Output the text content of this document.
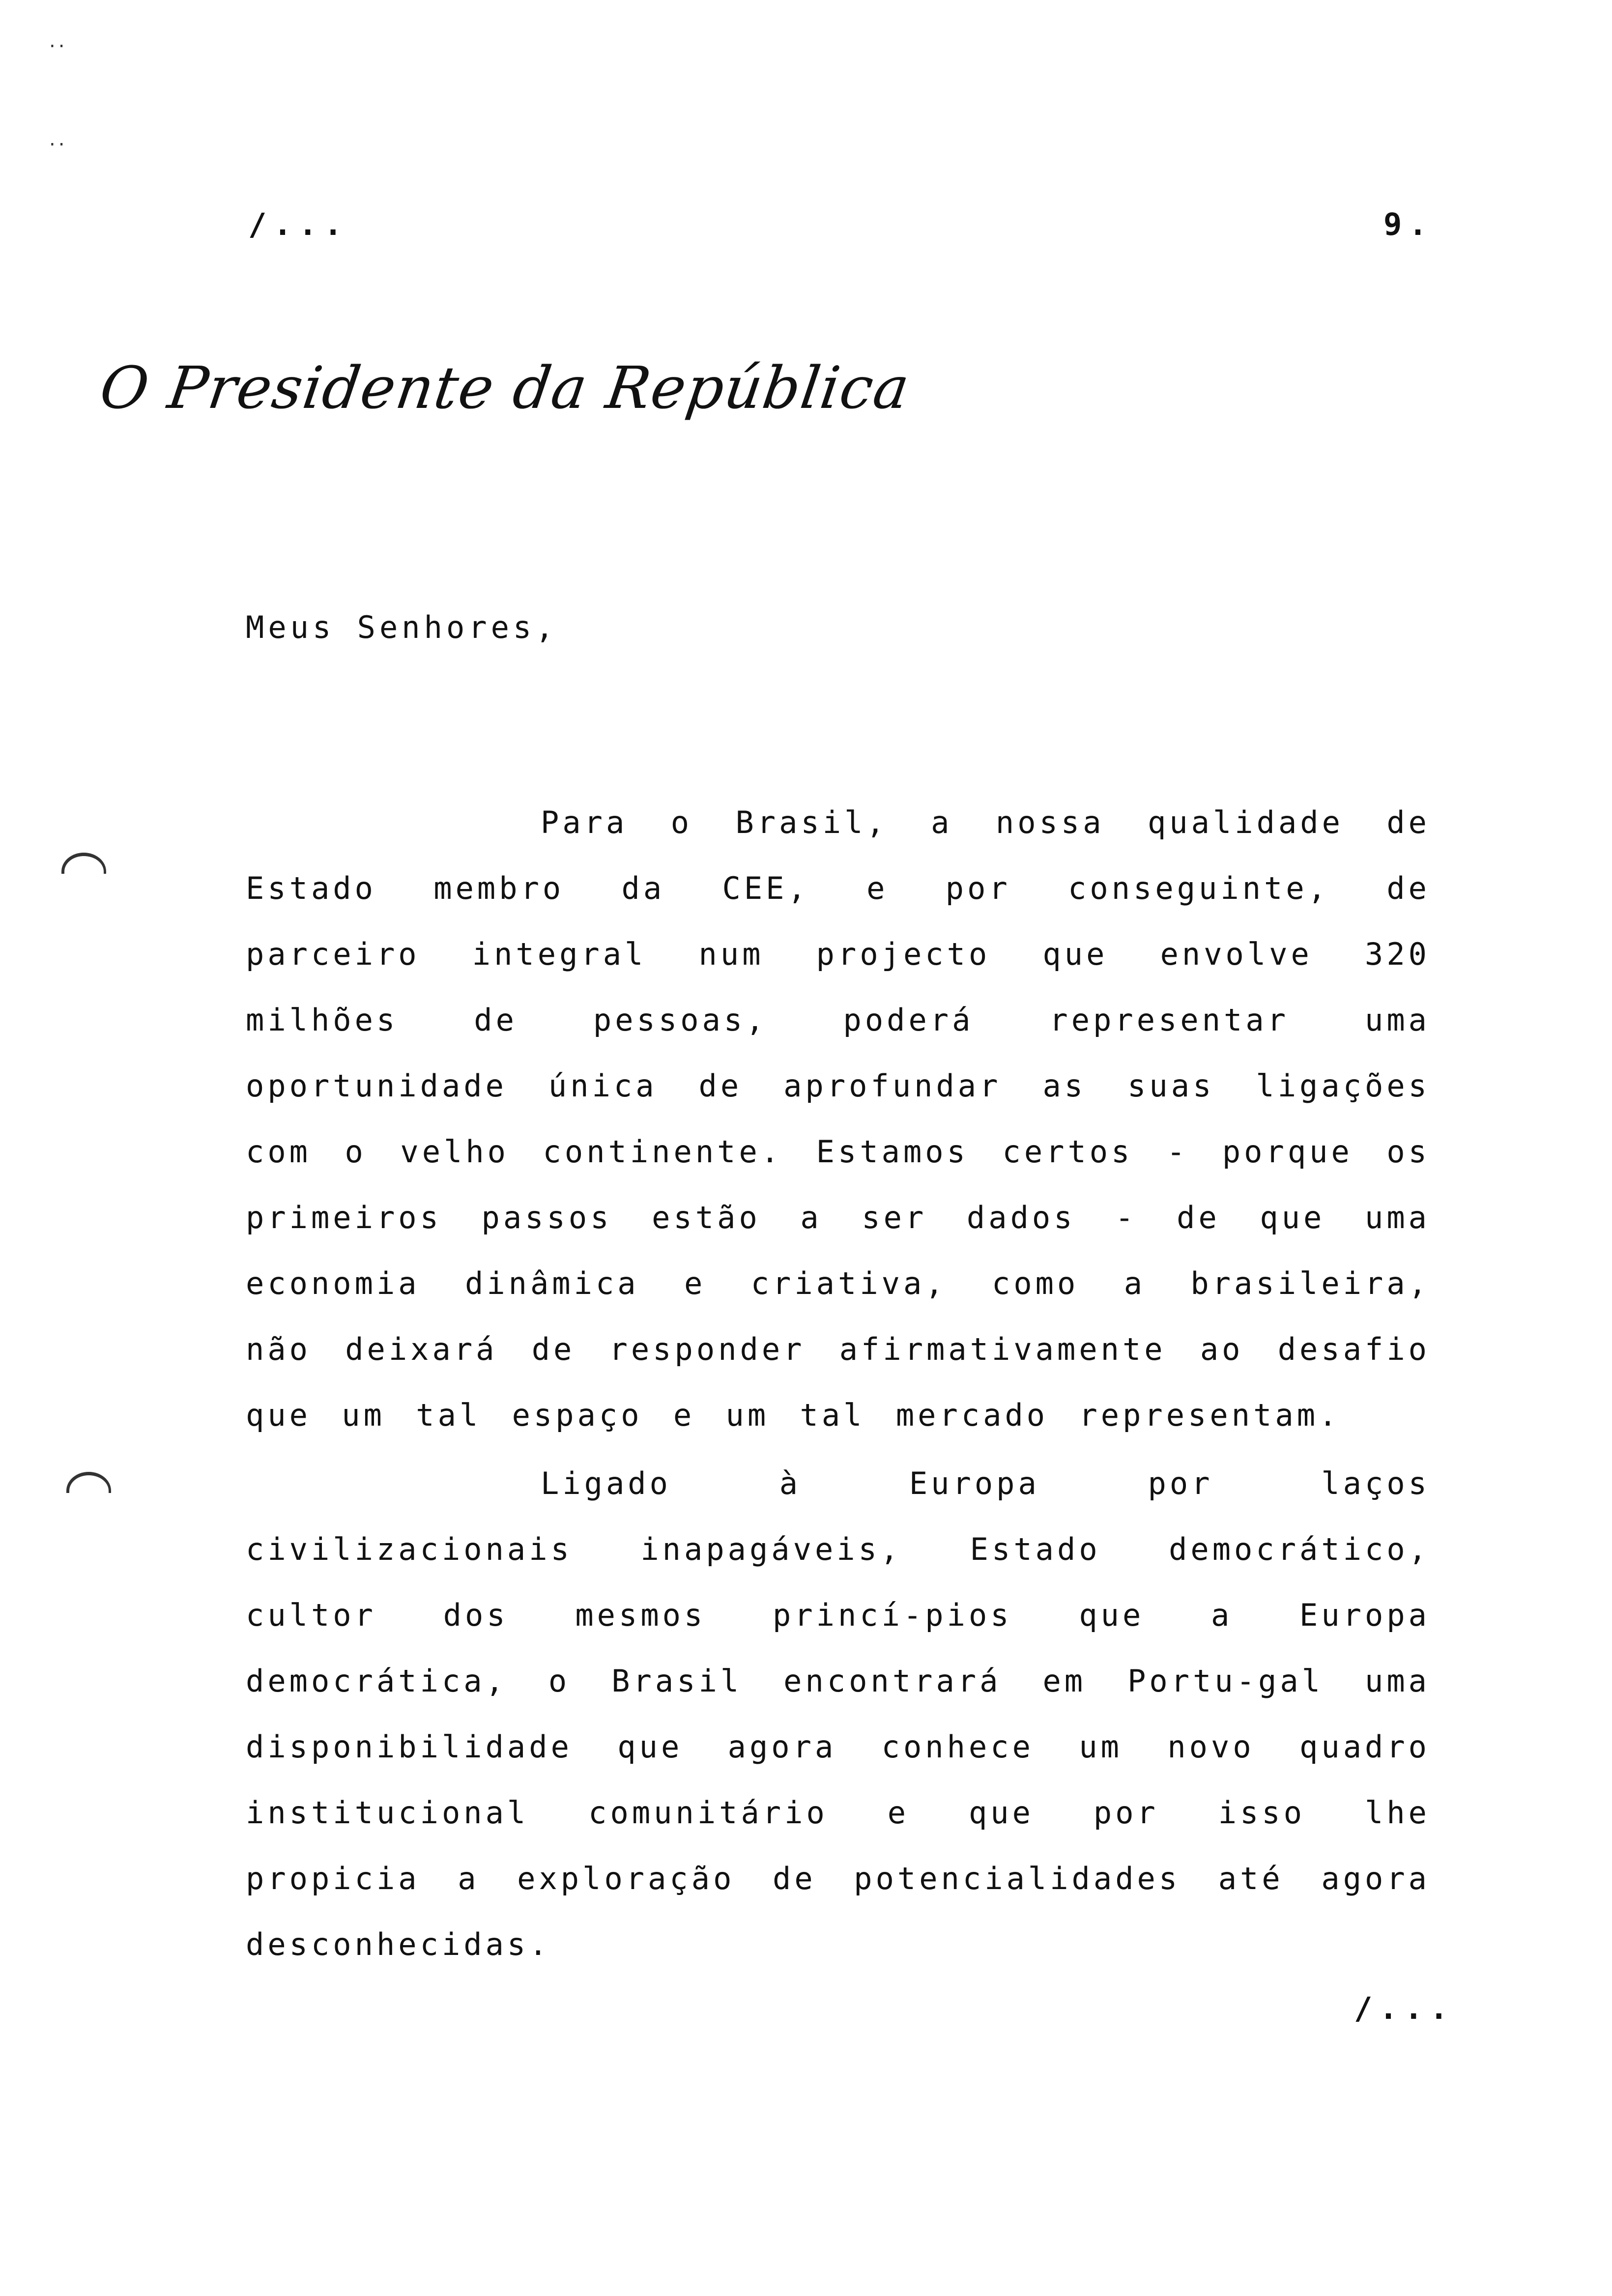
..
..
/...	9.
O Presidente da República
Meus Senhores,

Para o Brasil, a nossa qualidade de Estado membro da CEE, e por conseguinte, de parceiro integral num projecto que envolve 320 milhões de pessoas, poderá representar uma oportunidade única de aprofundar as suas ligações com o velho continente. Estamos certos - porque os primeiros passos estão a ser dados - de que uma economia dinâmica e criativa, como a brasileira, não deixará de responder afirmativamente ao desafio que um tal espaço e um tal mercado representam.

Ligado à Europa por laços civilizacionais inapagáveis, Estado democrático, cultor dos mesmos princí-pios que a Europa democrática, o Brasil encontrará em Portu-gal uma disponibilidade que agora conhece um novo quadro institucional comunitário e que por isso lhe propicia a exploração de potencialidades até agora desconhecidas.

/...
